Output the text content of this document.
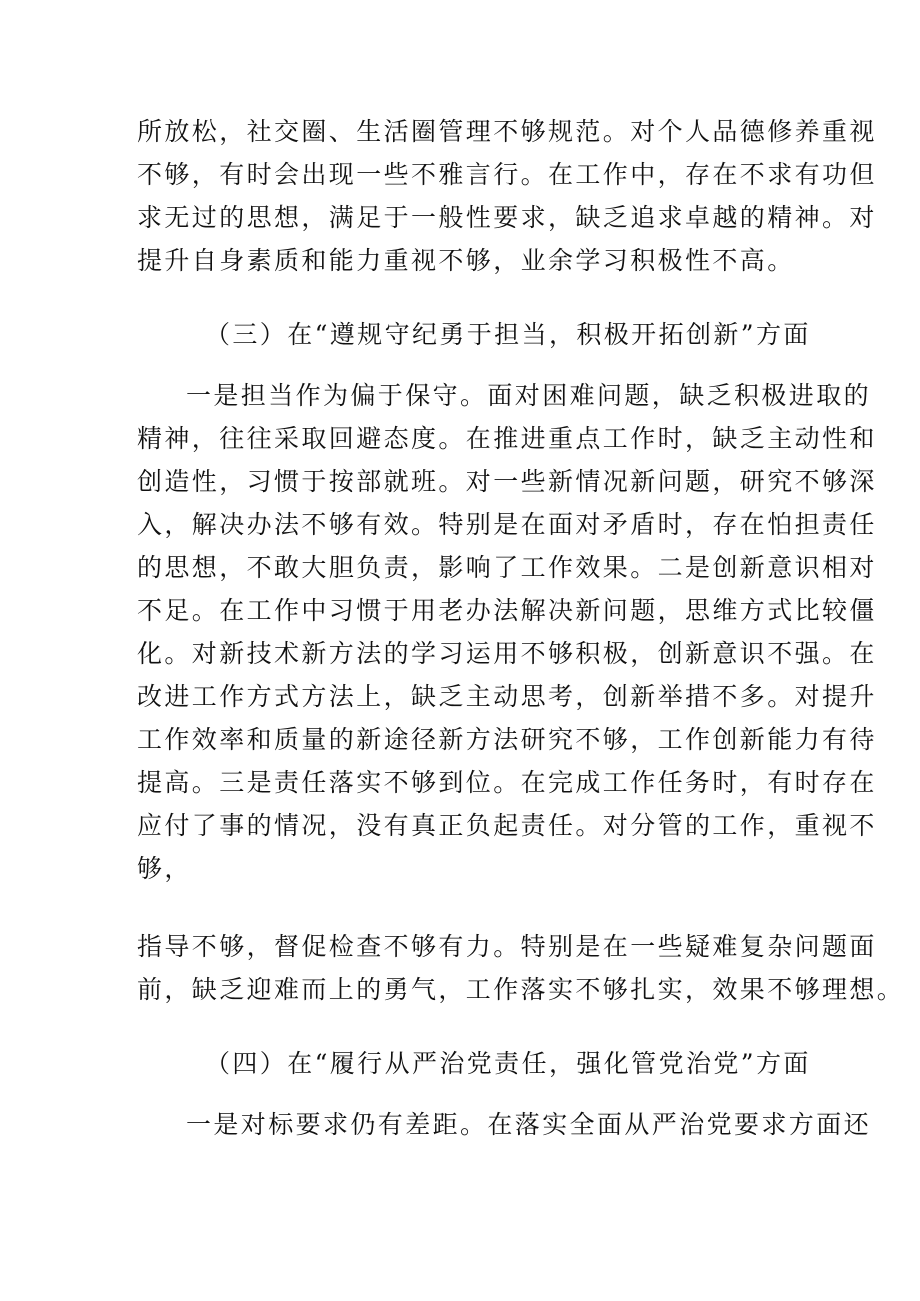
所放松，社交圈、生活圈管理不够规范。对个人品德修养重视
不够，有时会出现一些不雅言行。在工作中，存在不求有功但
求无过的思想，满足于一般性要求，缺乏追求卓越的精神。对
提升自身素质和能力重视不够，业余学习积极性不高。
（三）在“遵规守纪勇于担当，积极开拓创新”方面
一是担当作为偏于保守。面对困难问题，缺乏积极进取的
精神，往往采取回避态度。在推进重点工作时，缺乏主动性和
创造性，习惯于按部就班。对一些新情况新问题，研究不够深
入，解决办法不够有效。特别是在面对矛盾时，存在怕担责任
的思想，不敢大胆负责，影响了工作效果。二是创新意识相对
不足。在工作中习惯于用老办法解决新问题，思维方式比较僵
化。对新技术新方法的学习运用不够积极，创新意识不强。在
改进工作方式方法上，缺乏主动思考，创新举措不多。对提升
工作效率和质量的新途径新方法研究不够，工作创新能力有待
提高。三是责任落实不够到位。在完成工作任务时，有时存在
应付了事的情况，没有真正负起责任。对分管的工作，重视不
够，
指导不够，督促检查不够有力。特别是在一些疑难复杂问题面
前，缺乏迎难而上的勇气，工作落实不够扎实，效果不够理想。
（四）在“履行从严治党责任，强化管党治党”方面
一是对标要求仍有差距。在落实全面从严治党要求方面还
